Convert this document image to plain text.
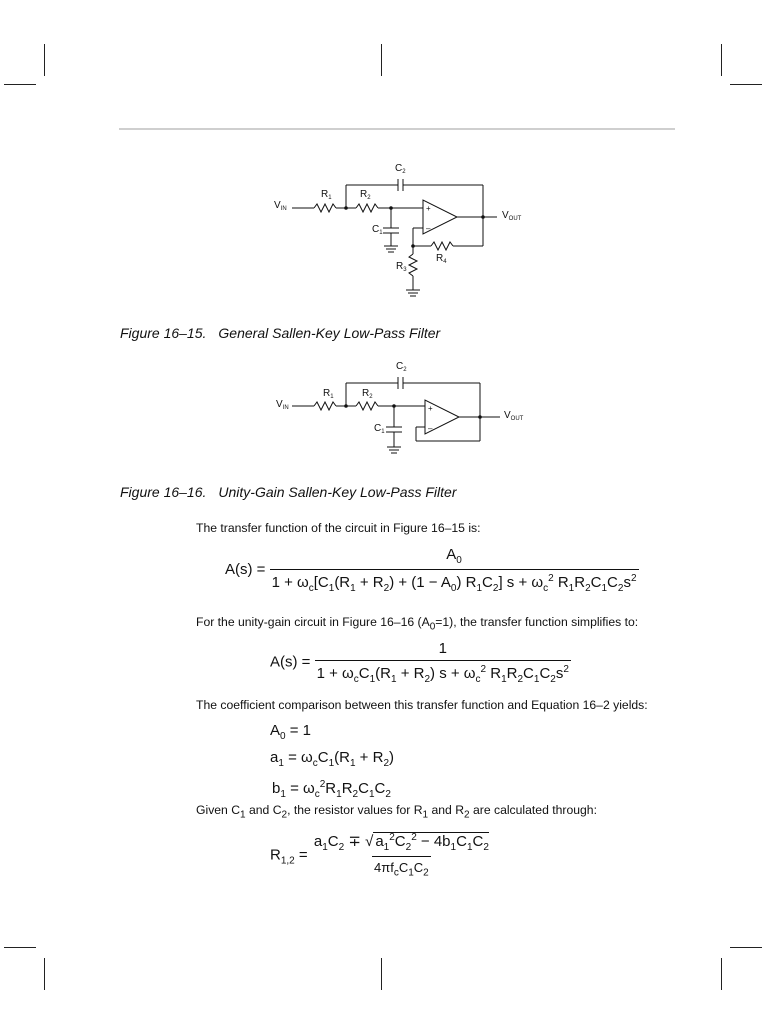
$V_{IN}$
$R_1$	$R_2$
$C_2$
$C_1$
$R_4$
$R_3$
$V_{OUT}$
+
–
Figure 16–15. General Sallen-Key Low-Pass Filter
$V_{IN}$
$R_1$	$R_2$
$C_2$
$C_1$
$V_{OUT}$
+
–
Figure 16–16. Unity-Gain Sallen-Key Low-Pass Filter
The transfer function of the circuit in Figure 16–15 is:
$A(s) = \frac{A_0}{1 + \omega_c[C_1(R_1 + R_2) + (1 - A_0) R_1C_2] s + \omega_c^2 R_1R_2C_1C_2s^2}$
For the unity-gain circuit in Figure 16–16 $(A_0=1)$, the transfer function simplifies to:
$A(s) = \frac{1}{1 + \omega_cC_1(R_1 + R_2) s + \omega_c^2 R_1R_2C_1C_2s^2}$
The coefficient comparison between this transfer function and Equation 16–2 yields:
$A_0 = 1$
$a_1 = \omega_cC_1(R_1 + R_2)$
$b_1 = \omega_c^2R_1R_2C_1C_2$
Given $C_1$ and $C_2$, the resistor values for $R_1$ and $R_2$ are calculated through:
$R_{1,2} = \frac{a_1C_2 \mp √ a_1^2C_2^2 - 4b_1C_1C_2}{4\pi f_cC_1C_2}$
